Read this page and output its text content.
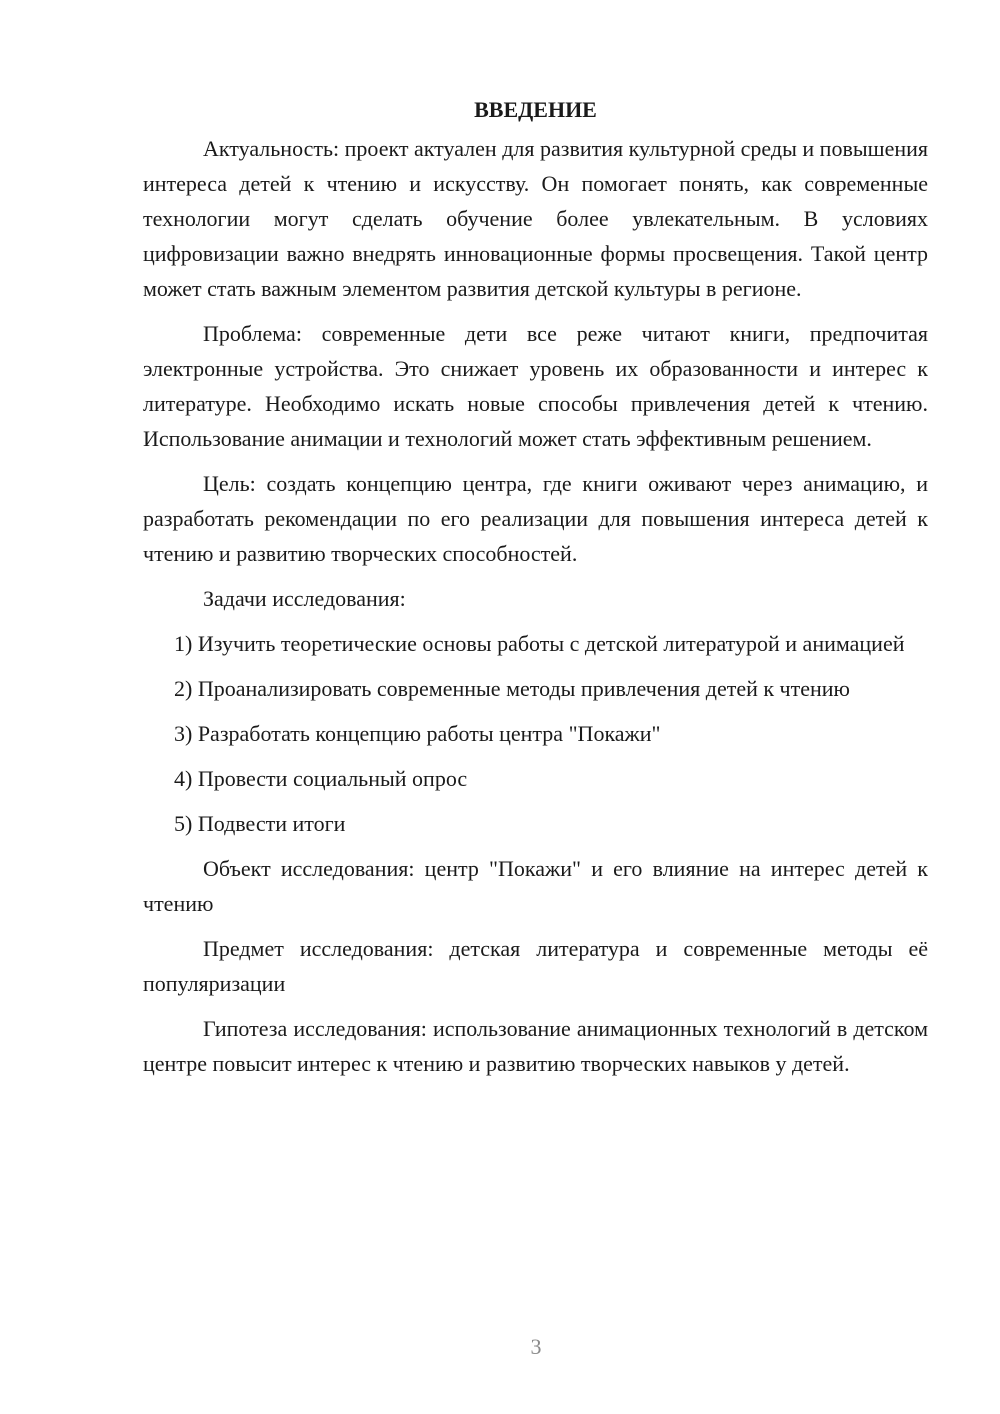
ВВЕДЕНИЕ

Актуальность: проект актуален для развития культурной среды и повышения интереса детей к чтению и искусству. Он помогает понять, как современные технологии могут сделать обучение более увлекательным. В условиях цифровизации важно внедрять инновационные формы просвещения. Такой центр может стать важным элементом развития детской культуры в регионе.

Проблема: современные дети все реже читают книги, предпочитая электронные устройства. Это снижает уровень их образованности и интерес к литературе. Необходимо искать новые способы привлечения детей к чтению. Использование анимации и технологий может стать эффективным решением.

Цель: создать концепцию центра, где книги оживают через анимацию, и разработать рекомендации по его реализации для повышения интереса детей к чтению и развитию творческих способностей.

Задачи исследования:

1) Изучить теоретические основы работы с детской литературой и анимацией

2) Проанализировать современные методы привлечения детей к чтению

3) Разработать концепцию работы центра "Покажи"

4) Провести социальный опрос

5) Подвести итоги

Объект исследования: центр "Покажи" и его влияние на интерес детей к чтению

Предмет исследования: детская литература и современные методы её популяризации

Гипотеза исследования: использование анимационных технологий в детском центре повысит интерес к чтению и развитию творческих навыков у детей.

3
